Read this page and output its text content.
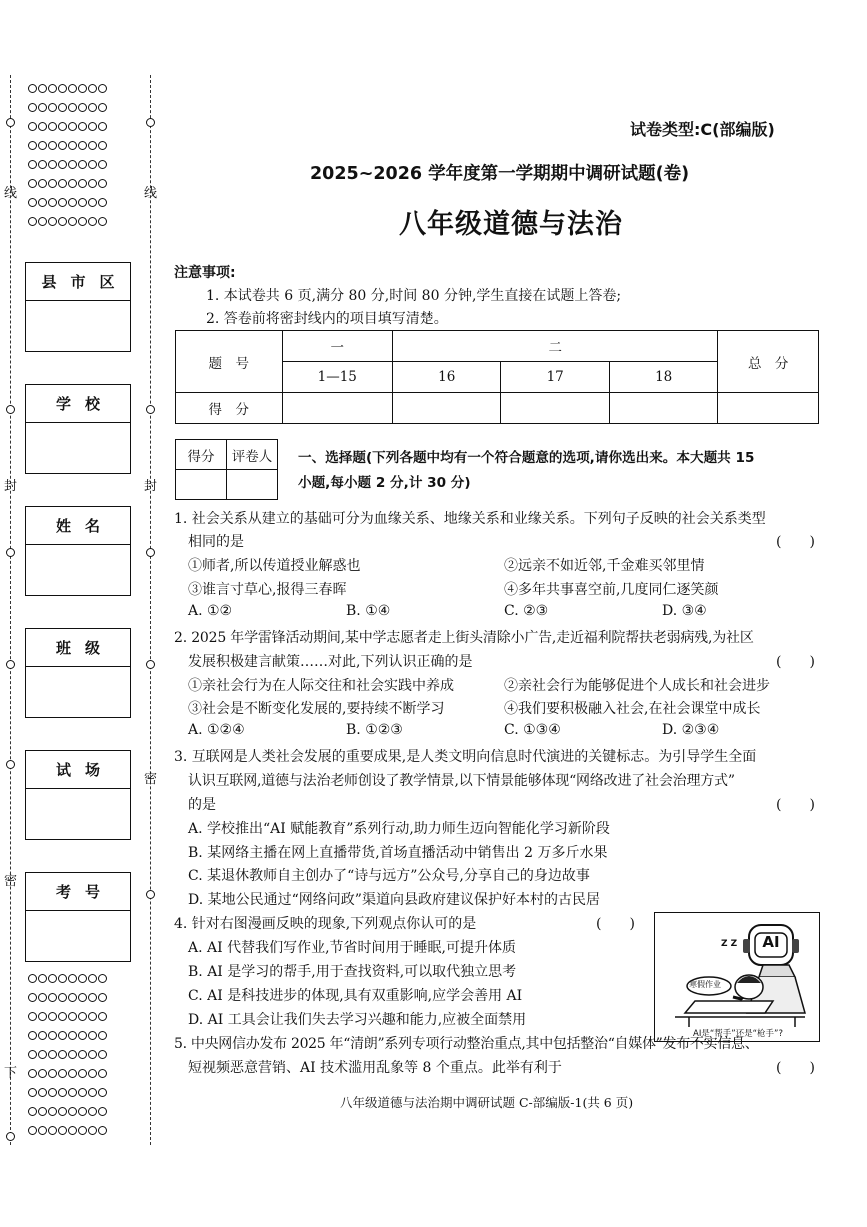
线
封
密
下
线
封
密
县市区
学校
姓名
班级
试场
考号
试卷类型:C(部编版)
2025~2026 学年度第一学期期中调研试题(卷)
八年级道德与法治
注意事项:
1. 本试卷共 6 页,满分 80 分,时间 80 分钟,学生直接在试题上答卷;
2. 答卷前将密封线内的项目填写清楚。
题　号	一	二			总　分
	1—15	16	17	18	
得　分					
得分	评卷人
	一、选择题(下列各题中均有一个符合题意的选项,请你选出来。本大题共 15
小题,每小题 2 分,计 30 分)
1. 社会关系从建立的基础可分为血缘关系、地缘关系和业缘关系。下列句子反映的社会关系类型
相同的是	(　　)
①师者,所以传道授业解惑也	②远亲不如近邻,千金难买邻里情
③谁言寸草心,报得三春晖	④多年共事喜空前,几度同仁逐笑颜
A. ①②	B. ①④	C. ②③	D. ③④
2. 2025 年学雷锋活动期间,某中学志愿者走上街头清除小广告,走近福利院帮扶老弱病残,为社区
发展积极建言献策……对此,下列认识正确的是	(　　)
①亲社会行为在人际交往和社会实践中养成	②亲社会行为能够促进个人成长和社会进步
③社会是不断变化发展的,要持续不断学习	④我们要积极融入社会,在社会课堂中成长
A. ①②④	B. ①②③	C. ①③④	D. ②③④
3. 互联网是人类社会发展的重要成果,是人类文明向信息时代演进的关键标志。为引导学生全面
认识互联网,道德与法治老师创设了教学情景,以下情景能够体现“网络改进了社会治理方式”
的是	(　　)
A. 学校推出“AI 赋能教育”系列行动,助力师生迈向智能化学习新阶段
B. 某网络主播在网上直播带货,首场直播活动中销售出 2 万多斤水果
C. 某退休教师自主创办了“诗与远方”公众号,分享自己的身边故事
D. 某地公民通过“网络问政”渠道向县政府建议保护好本村的古民居
4. 针对右图漫画反映的现象,下列观点你认可的是	(　　)
A. AI 代替我们写作业,节省时间用于睡眠,可提升体质
B. AI 是学习的帮手,用于查找资料,可以取代独立思考
C. AI 是科技进步的体现,具有双重影响,应学会善用 AI
D. AI 工具会让我们失去学习兴趣和能力,应被全面禁用
AI
寒假作业
Z Z
AI是“帮手”还是“枪手”?
5. 中央网信办发布 2025 年“清朗”系列专项行动整治重点,其中包括整治“自媒体”发布不实信息、
短视频恶意营销、AI 技术滥用乱象等 8 个重点。此举有利于	(　　)
八年级道德与法治期中调研试题 C-部编版-1(共 6 页)
